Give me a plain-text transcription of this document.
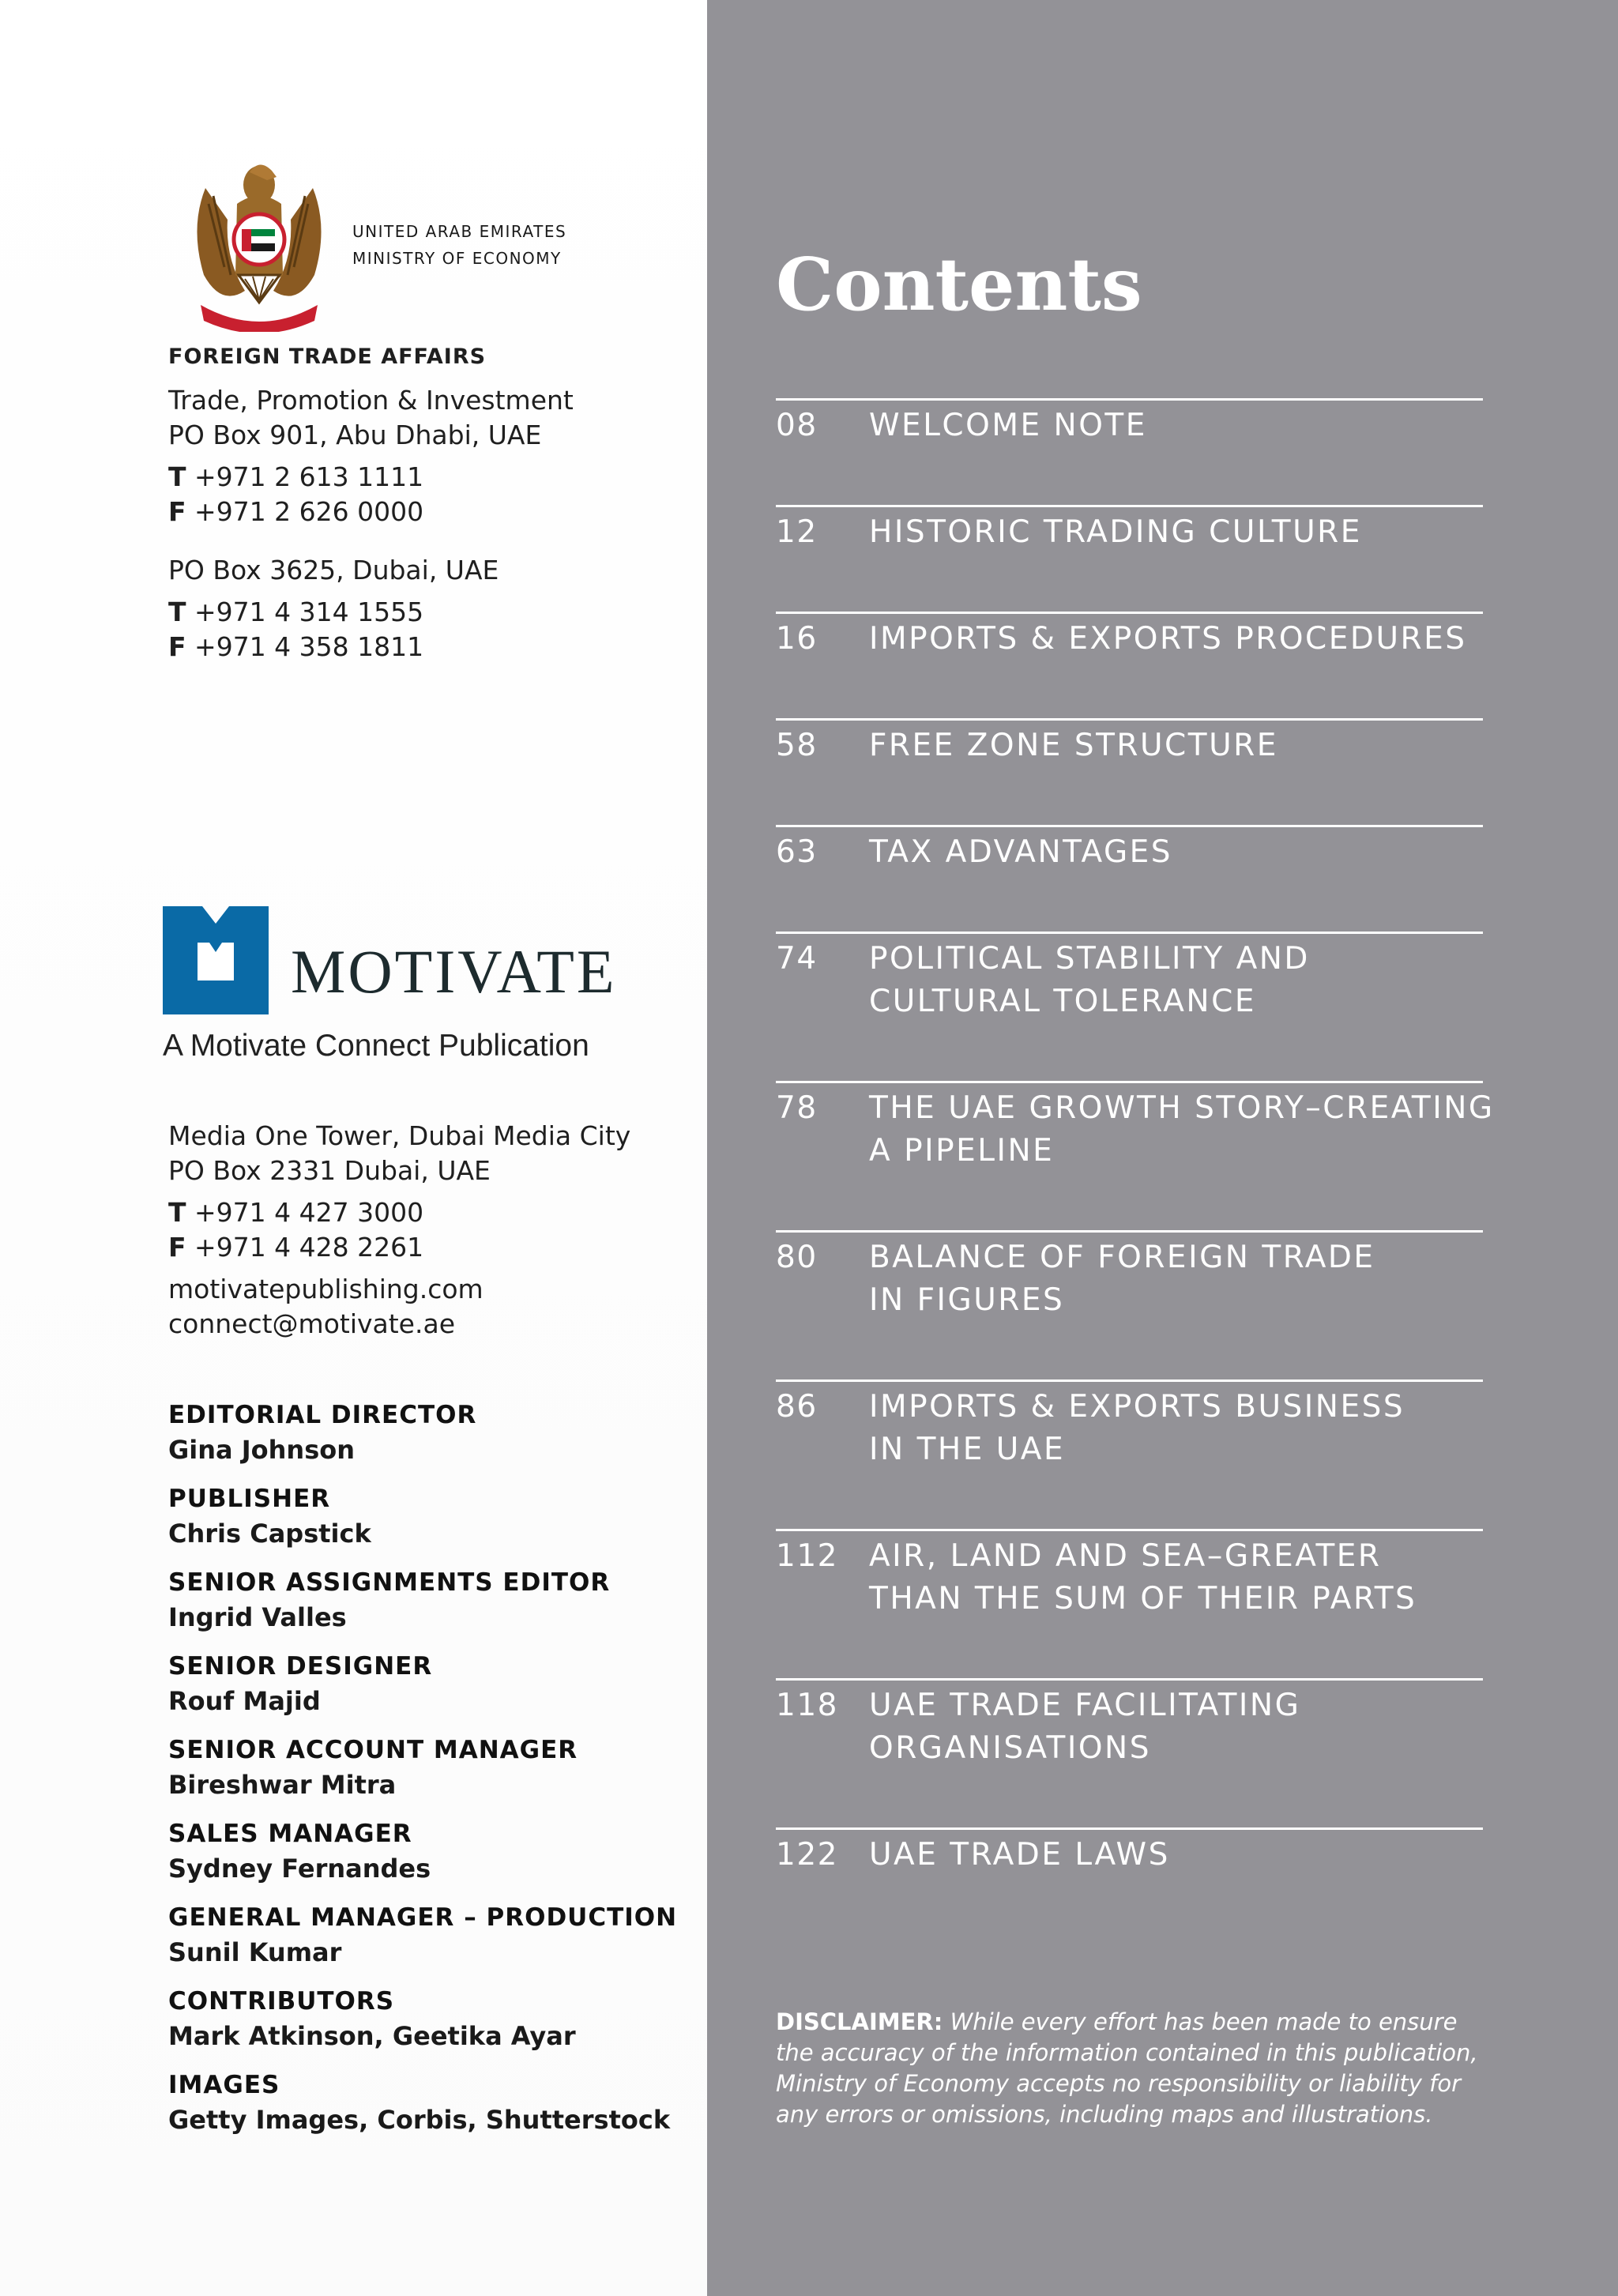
UNITED ARAB EMIRATES
MINISTRY OF ECONOMY
FOREIGN TRADE AFFAIRS
Trade, Promotion & Investment
PO Box 901, Abu Dhabi, UAE
T +971 2 613 1111
F +971 2 626 0000
PO Box 3625, Dubai, UAE
T +971 4 314 1555
F +971 4 358 1811
MOTIVATE
A Motivate Connect Publication
Media One Tower, Dubai Media City
PO Box 2331 Dubai, UAE
T +971 4 427 3000
F +971 4 428 2261
motivatepublishing.com
connect@motivate.ae
EDITORIAL DIRECTOR
Gina Johnson
PUBLISHER
Chris Capstick
SENIOR ASSIGNMENTS EDITOR
Ingrid Valles
SENIOR DESIGNER
Rouf Majid
SENIOR ACCOUNT MANAGER
Bireshwar Mitra
SALES MANAGER
Sydney Fernandes
GENERAL MANAGER – PRODUCTION
Sunil Kumar
CONTRIBUTORS
Mark Atkinson, Geetika Ayar
IMAGES
Getty Images, Corbis, Shutterstock
Contents
08 WELCOME NOTE
12 HISTORIC TRADING CULTURE
16 IMPORTS & EXPORTS PROCEDURES
58 FREE ZONE STRUCTURE
63 TAX ADVANTAGES
74 POLITICAL STABILITY AND
CULTURAL TOLERANCE
78 THE UAE GROWTH STORY–CREATING
A PIPELINE
80 BALANCE OF FOREIGN TRADE
IN FIGURES
86 IMPORTS & EXPORTS BUSINESS
IN THE UAE
112 AIR, LAND AND SEA–GREATER
THAN THE SUM OF THEIR PARTS
118 UAE TRADE FACILITATING
ORGANISATIONS
122 UAE TRADE LAWS
DISCLAIMER: While every effort has been made to ensure the accuracy of the information contained in this publication, Ministry of Economy accepts no responsibility or liability for any errors or omissions, including maps and illustrations.
